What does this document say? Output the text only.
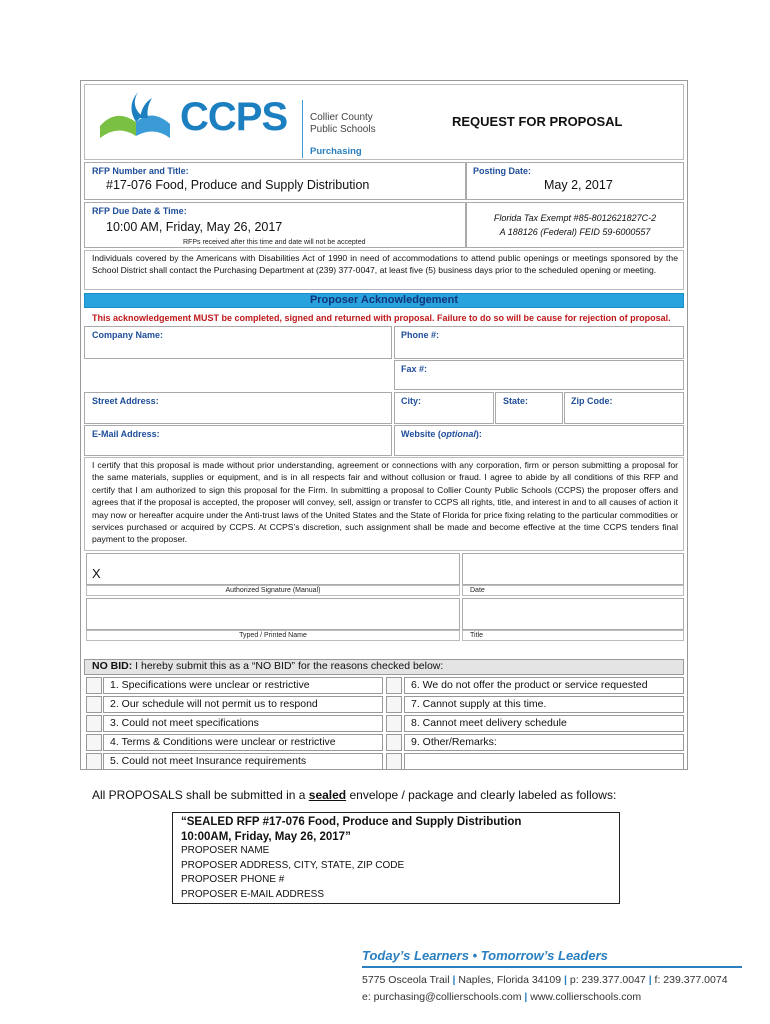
CCPS Collier County
Public Schools
Purchasing
REQUEST FOR PROPOSAL
RFP Number and Title:
#17-076 Food, Produce and Supply Distribution
Posting Date:
May 2, 2017
RFP Due Date & Time:
10:00 AM, Friday, May 26, 2017
RFPs received after this time and date will not be accepted
Florida Tax Exempt #85-8012621827C-2
A 188126 (Federal) FEID 59-6000557
Individuals covered by the Americans with Disabilities Act of 1990 in need of accommodations to attend public openings or meetings sponsored by the School District shall contact the Purchasing Department at (239) 377-0047, at least five (5) business days prior to the scheduled opening or meeting.
Proposer Acknowledgement
This acknowledgement MUST be completed, signed and returned with proposal. Failure to do so will be cause for rejection of proposal.
Company Name:	Phone #:
Fax #:
Street Address:	City:	State:	Zip Code:
E-Mail Address:	Website (optional):
I certify that this proposal is made without prior understanding, agreement or connections with any corporation, firm or person submitting a proposal for the same materials, supplies or equipment, and is in all respects fair and without collusion or fraud. I agree to abide by all conditions of this RFP and certify that I am authorized to sign this proposal for the Firm. In submitting a proposal to Collier County Public Schools (CCPS) the proposer offers and agrees that if the proposal is accepted, the proposer will convey, sell, assign or transfer to CCPS all rights, title, and interest in and to all causes of action it may now or hereafter acquire under the Anti-trust laws of the United States and the State of Florida for price fixing relating to the particular commodities or services purchased or acquired by CCPS. At CCPS’s discretion, such assignment shall be made and become effective at the time CCPS tenders final payment to the proposer.
X
Authorized Signature (Manual)	Date
Typed / Printed Name	Title
NO BID: I hereby submit this as a “NO BID” for the reasons checked below:
1. Specifications were unclear or restrictive
2. Our schedule will not permit us to respond
3. Could not meet specifications
4. Terms & Conditions were unclear or restrictive
5. Could not meet Insurance requirements
6. We do not offer the product or service requested
7. Cannot supply at this time.
8. Cannot meet delivery schedule
9. Other/Remarks:
All PROPOSALS shall be submitted in a sealed envelope / package and clearly labeled as follows:
“SEALED RFP #17-076 Food, Produce and Supply Distribution
10:00AM, Friday, May 26, 2017”
PROPOSER NAME
PROPOSER ADDRESS, CITY, STATE, ZIP CODE
PROPOSER PHONE #
PROPOSER E-MAIL ADDRESS
Today’s Learners • Tomorrow’s Leaders
5775 Osceola Trail | Naples, Florida 34109 | p: 239.377.0047 | f: 239.377.0074
e: purchasing@collierschools.com | www.collierschools.com
